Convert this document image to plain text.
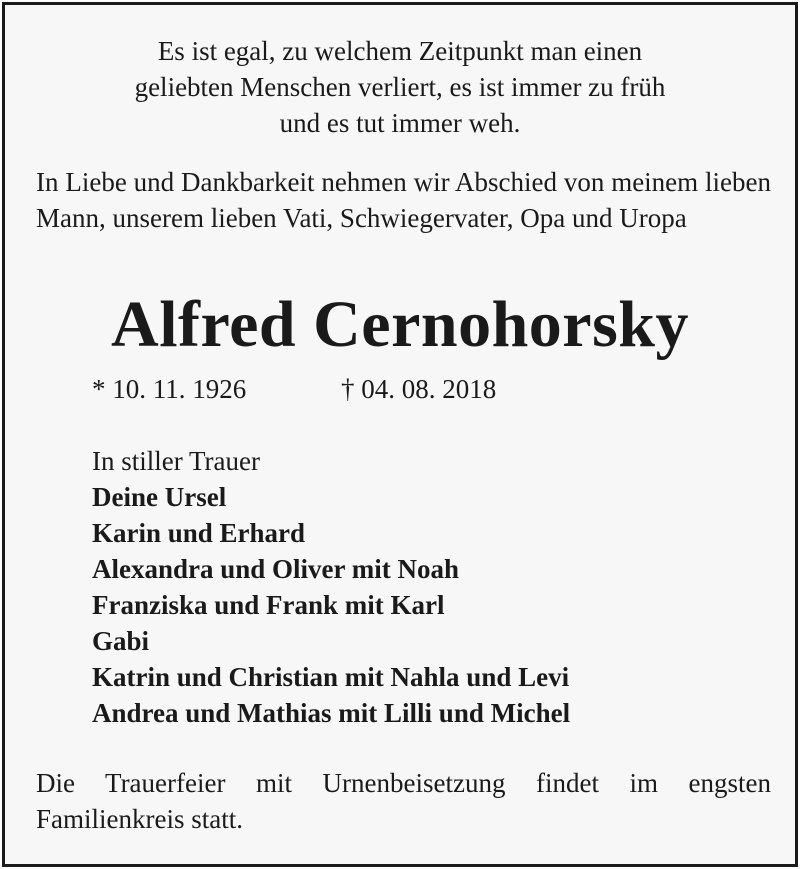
Es ist egal, zu welchem Zeitpunkt man einen
geliebten Menschen verliert, es ist immer zu früh
und es tut immer weh.
In Liebe und Dankbarkeit nehmen wir Abschied von meinem lieben Mann, unserem lieben Vati, Schwiegervater, Opa und Uropa
Alfred Cernohorsky
* 10. 11. 1926	† 04. 08. 2018
In stiller Trauer
Deine Ursel
Karin und Erhard
Alexandra und Oliver mit Noah
Franziska und Frank mit Karl
Gabi
Katrin und Christian mit Nahla und Levi
Andrea und Mathias mit Lilli und Michel
Die Trauerfeier mit Urnenbeisetzung findet im engsten Familienkreis statt.
